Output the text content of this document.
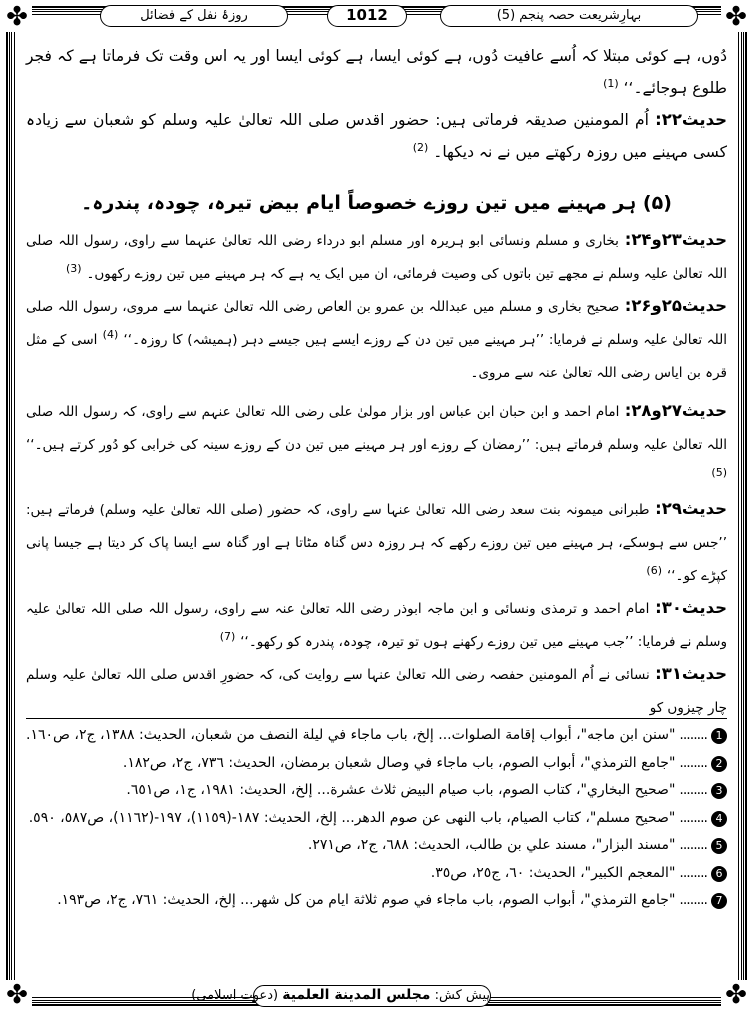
✤	✤
✤	✤
بہارِشریعت حصہ پنجم (5)
1012
روزۂ نفل کے فضائل

دُوں، ہے کوئی مبتلا کہ اُسے عافیت دُوں، ہے کوئی ایسا، ہے کوئی ایسا اور یہ اس وقت تک فرماتا ہے کہ فجر طلوع ہوجائے۔‘‘ $^{(1)}$

حدیث۲۲: اُم المومنین صدیقہ فرماتی ہیں: حضور اقدس صلی اللہ تعالیٰ علیہ وسلم کو شعبان سے زیادہ کسی مہینے میں روزہ رکھتے میں نے نہ دیکھا۔ $^{(2)}$

(۵) ہر مہینے میں تین روزے خصوصاً ایام بیض تیرہ، چودہ، پندرہ۔

حدیث۲۳و۲۴: بخاری و مسلم ونسائی ابو ہریرہ اور مسلم ابو درداء رضی اللہ تعالیٰ عنہما سے راوی، رسول اللہ صلی اللہ تعالیٰ علیہ وسلم نے مجھے تین باتوں کی وصیت فرمائی، ان میں ایک یہ ہے کہ ہر مہینے میں تین روزے رکھوں۔ $^{(3)}$

حدیث۲۵و۲۶: صحیح بخاری و مسلم میں عبداللہ بن عمرو بن العاص رضی اللہ تعالیٰ عنہما سے مروی، رسول اللہ صلی اللہ تعالیٰ علیہ وسلم نے فرمایا: ’’ہر مہینے میں تین دن کے روزے ایسے ہیں جیسے دہر (ہمیشہ) کا روزہ۔‘‘ $^{(4)}$ اسی کے مثل قرہ بن ایاس رضی اللہ تعالیٰ عنہ سے مروی۔

حدیث۲۷و۲۸: امام احمد و ابن حبان ابن عباس اور بزار مولیٰ علی رضی اللہ تعالیٰ عنہم سے راوی، کہ رسول اللہ صلی اللہ تعالیٰ علیہ وسلم فرماتے ہیں: ’’رمضان کے روزے اور ہر مہینے میں تین دن کے روزے سینہ کی خرابی کو دُور کرتے ہیں۔‘‘ $^{(5)}$

حدیث۲۹: طبرانی میمونہ بنت سعد رضی اللہ تعالیٰ عنہا سے راوی، کہ حضور (صلی اللہ تعالیٰ علیہ وسلم) فرماتے ہیں: ’’جس سے ہوسکے، ہر مہینے میں تین روزے رکھے کہ ہر روزہ دس گناہ مٹاتا ہے اور گناہ سے ایسا پاک کر دیتا ہے جیسا پانی کپڑے کو۔‘‘ $^{(6)}$

حدیث۳۰: امام احمد و ترمذی ونسائی و ابن ماجہ ابوذر رضی اللہ تعالیٰ عنہ سے راوی، رسول اللہ صلی اللہ تعالیٰ علیہ وسلم نے فرمایا: ’’جب مہینے میں تین روزے رکھنے ہوں تو تیرہ، چودہ، پندرہ کو رکھو۔‘‘ $^{(7)}$

حدیث۳۱: نسائی نے اُم المومنین حفصہ رضی اللہ تعالیٰ عنہا سے روایت کی، کہ حضورِ اقدس صلی اللہ تعالیٰ علیہ وسلم چار چیزوں کو

1
........
"سنن ابن ماجه"، أبواب إقامة الصلوات... إلخ، باب ماجاء في ليلة النصف من شعبان، الحديث: ١٣٨٨، ج٢، ص١٦٠.
2
........
"جامع الترمذي"، أبواب الصوم، باب ماجاء في وصال شعبان برمضان، الحديث: ٧٣٦، ج٢، ص١٨٢.
3
........
"صحيح البخاري"، كتاب الصوم، باب صيام البيض ثلاث عشرة... إلخ، الحديث: ١٩٨١، ج١، ص٦٥١.
4
........
"صحيح مسلم"، كتاب الصيام، باب النهى عن صوم الدهر... إلخ، الحديث: ١٨٧-(١١٥٩)، ١٩٧-(١١٦٢)، ص٥٨٧، ٥٩٠.
5
........
"مسند البزار"، مسند علي بن طالب، الحديث: ٦٨٨، ج٢، ص٢٧١.
6
........
"المعجم الكبير"، الحديث: ٦٠، ج٢٥، ص٣٥.
7
........
"جامع الترمذي"، أبواب الصوم، باب ماجاء في صوم ثلاثة ايام من كل شهر... إلخ، الحديث: ٧٦١، ج٢، ص١٩٣.
پیش کش: مجلس المدينة العلمية (دعوت اسلامی)
